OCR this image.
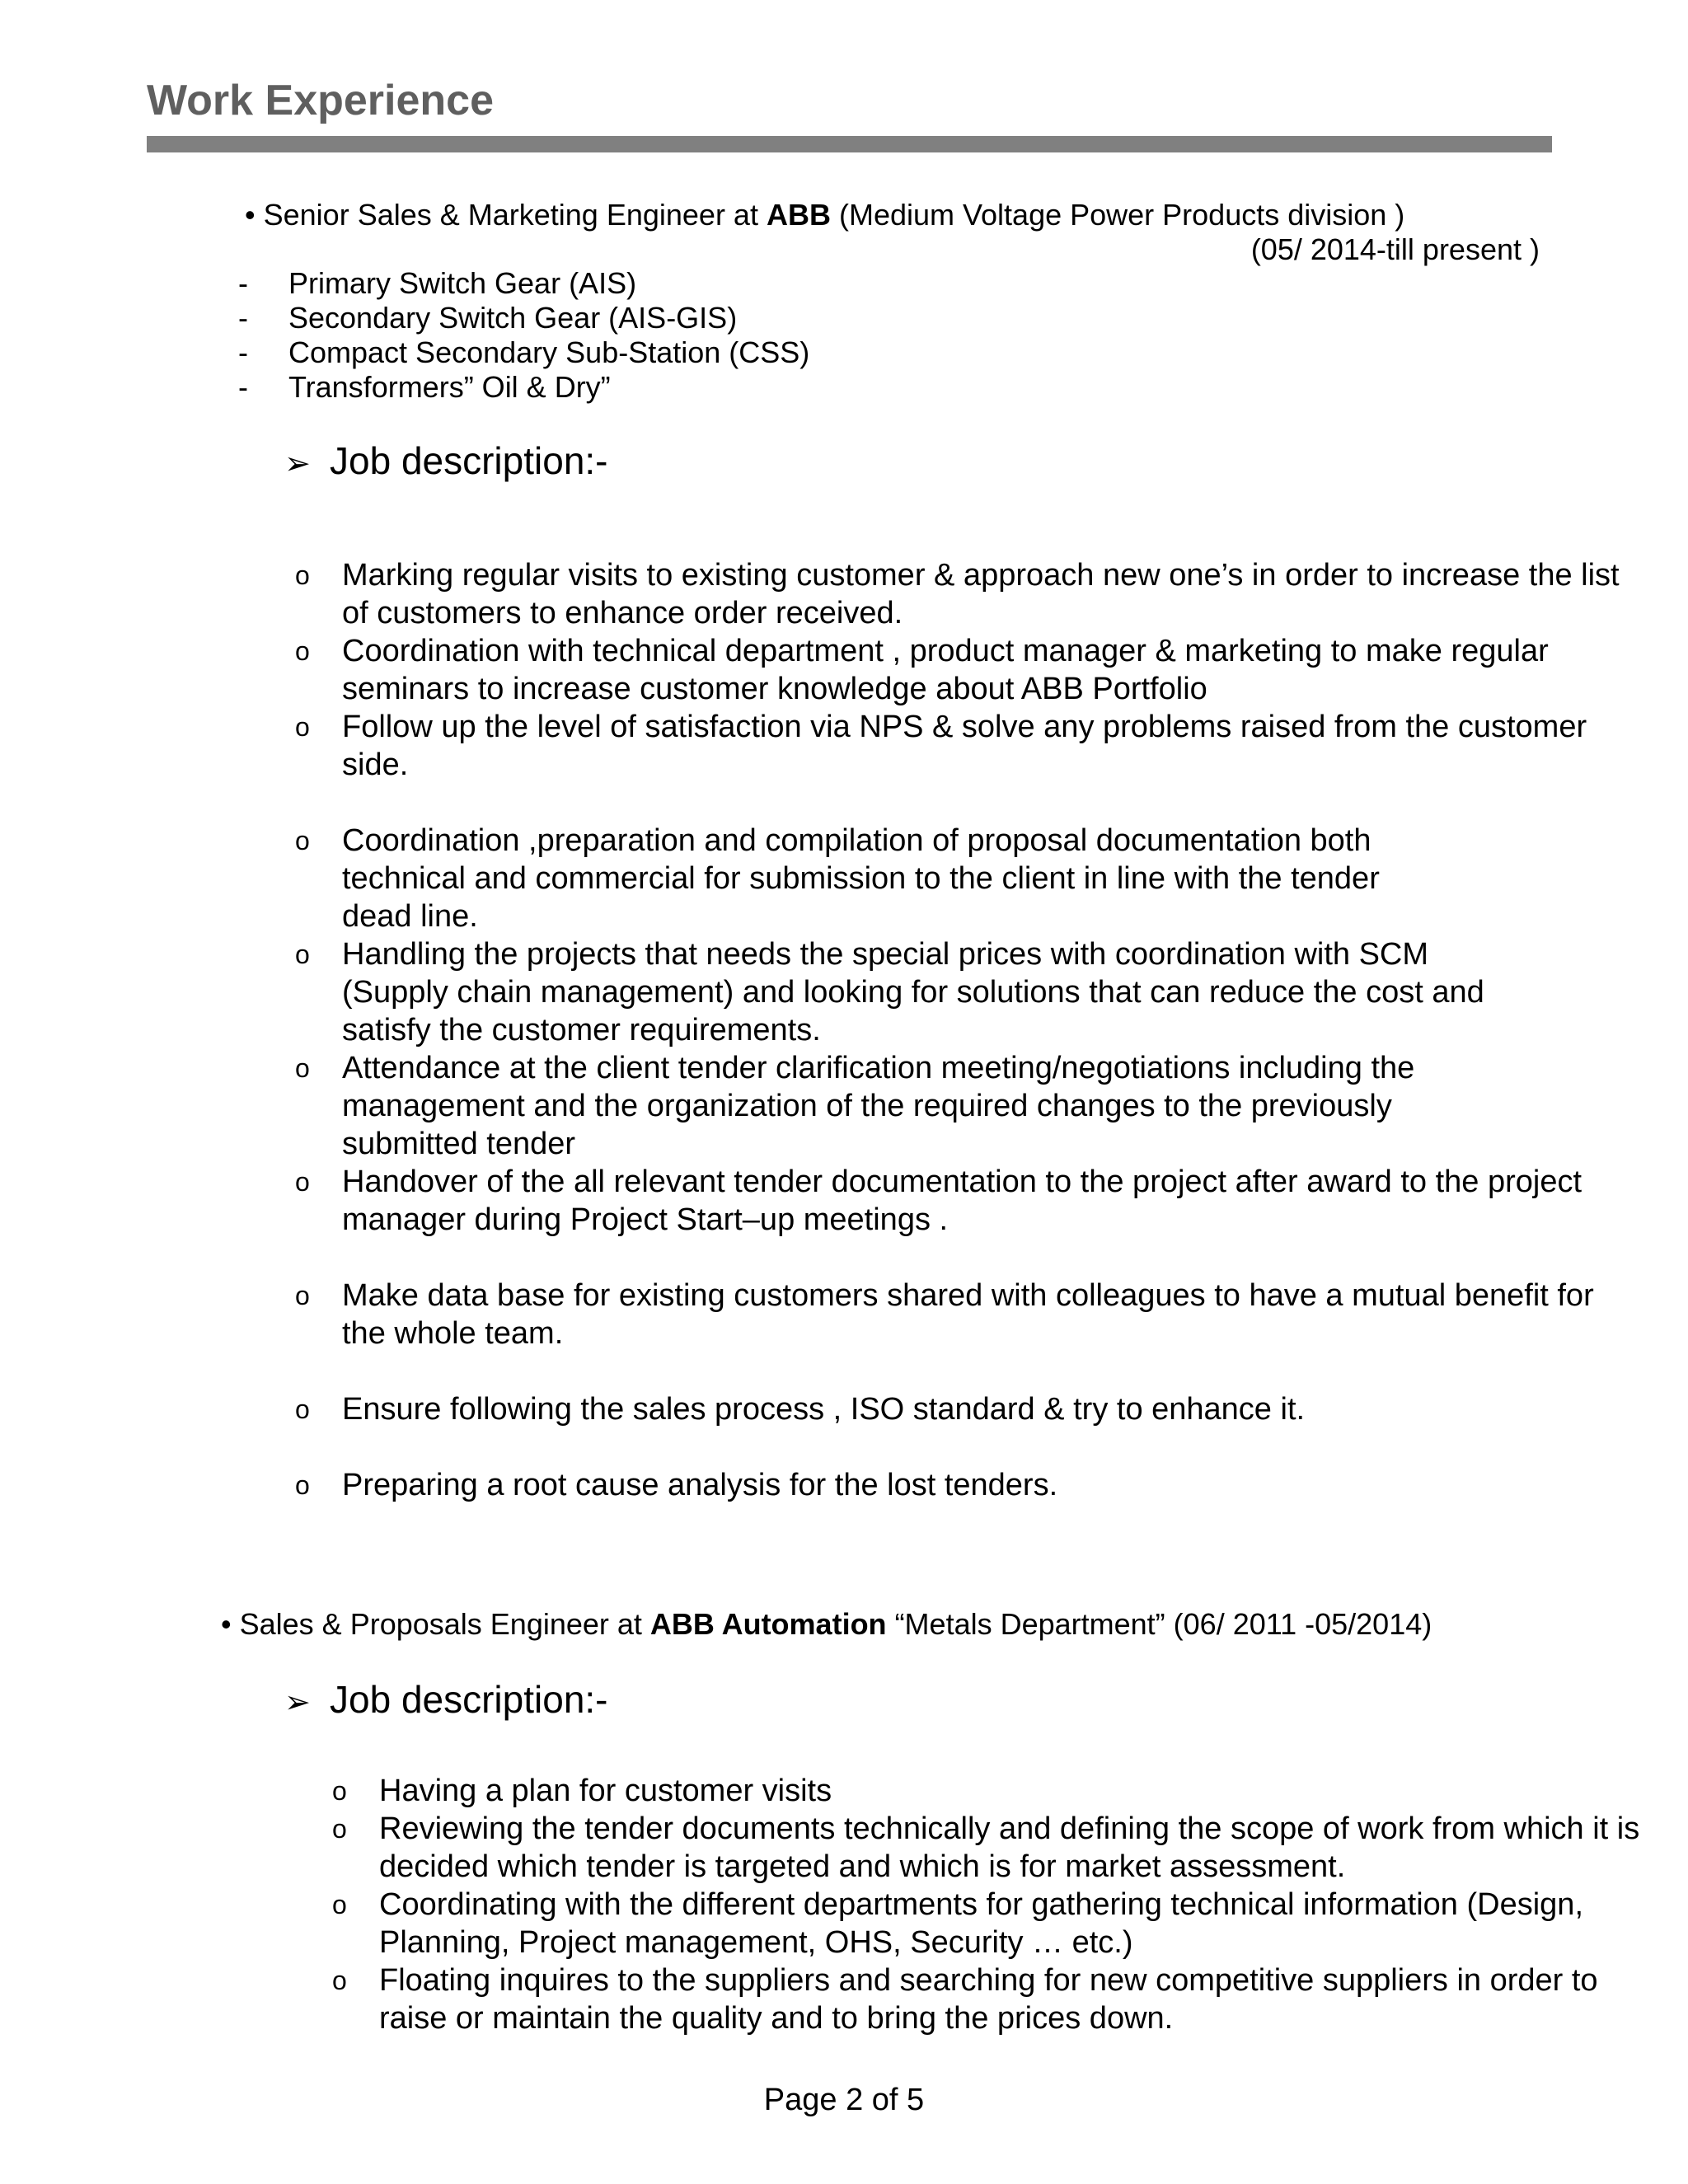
Work Experience
• Senior Sales & Marketing Engineer at ABB (Medium Voltage Power Products division )
(05/ 2014-till present )
- Primary Switch Gear (AIS)
- Secondary Switch Gear (AIS-GIS)
- Compact Secondary Sub-Station (CSS)
- Transformers” Oil & Dry”
➢ Job description:-
o Marking regular visits to existing customer & approach new one’s in order to increase the list of customers to enhance order received.
o Coordination with technical department , product manager & marketing to make regular seminars to increase customer knowledge about ABB Portfolio
o Follow up the level of satisfaction via NPS & solve any problems raised from the customer side.
o Coordination ,preparation and compilation of proposal documentation both technical and commercial for submission to the client in line with the tender dead line.
o Handling the projects that needs the special prices with coordination with SCM (Supply chain management) and looking for solutions that can reduce the cost and satisfy the customer requirements.
o Attendance at the client tender clarification meeting/negotiations including the management and the organization of the required changes to the previously submitted tender
o Handover of the all relevant tender documentation to the project after award to the project manager during Project Start–up meetings .
o Make data base for existing customers shared with colleagues to have a mutual benefit for the whole team.
o Ensure following the sales process , ISO standard & try to enhance it.
o Preparing a root cause analysis for the lost tenders.
• Sales & Proposals Engineer at ABB Automation “Metals Department” (06/ 2011 -05/2014)
➢ Job description:-
o Having a plan for customer visits
o Reviewing the tender documents technically and defining the scope of work from which it is decided which tender is targeted and which is for market assessment.
o Coordinating with the different departments for gathering technical information (Design, Planning, Project management, OHS, Security … etc.)
o Floating inquires to the suppliers and searching for new competitive suppliers in order to raise or maintain the quality and to bring the prices down.
Page 2 of 5
